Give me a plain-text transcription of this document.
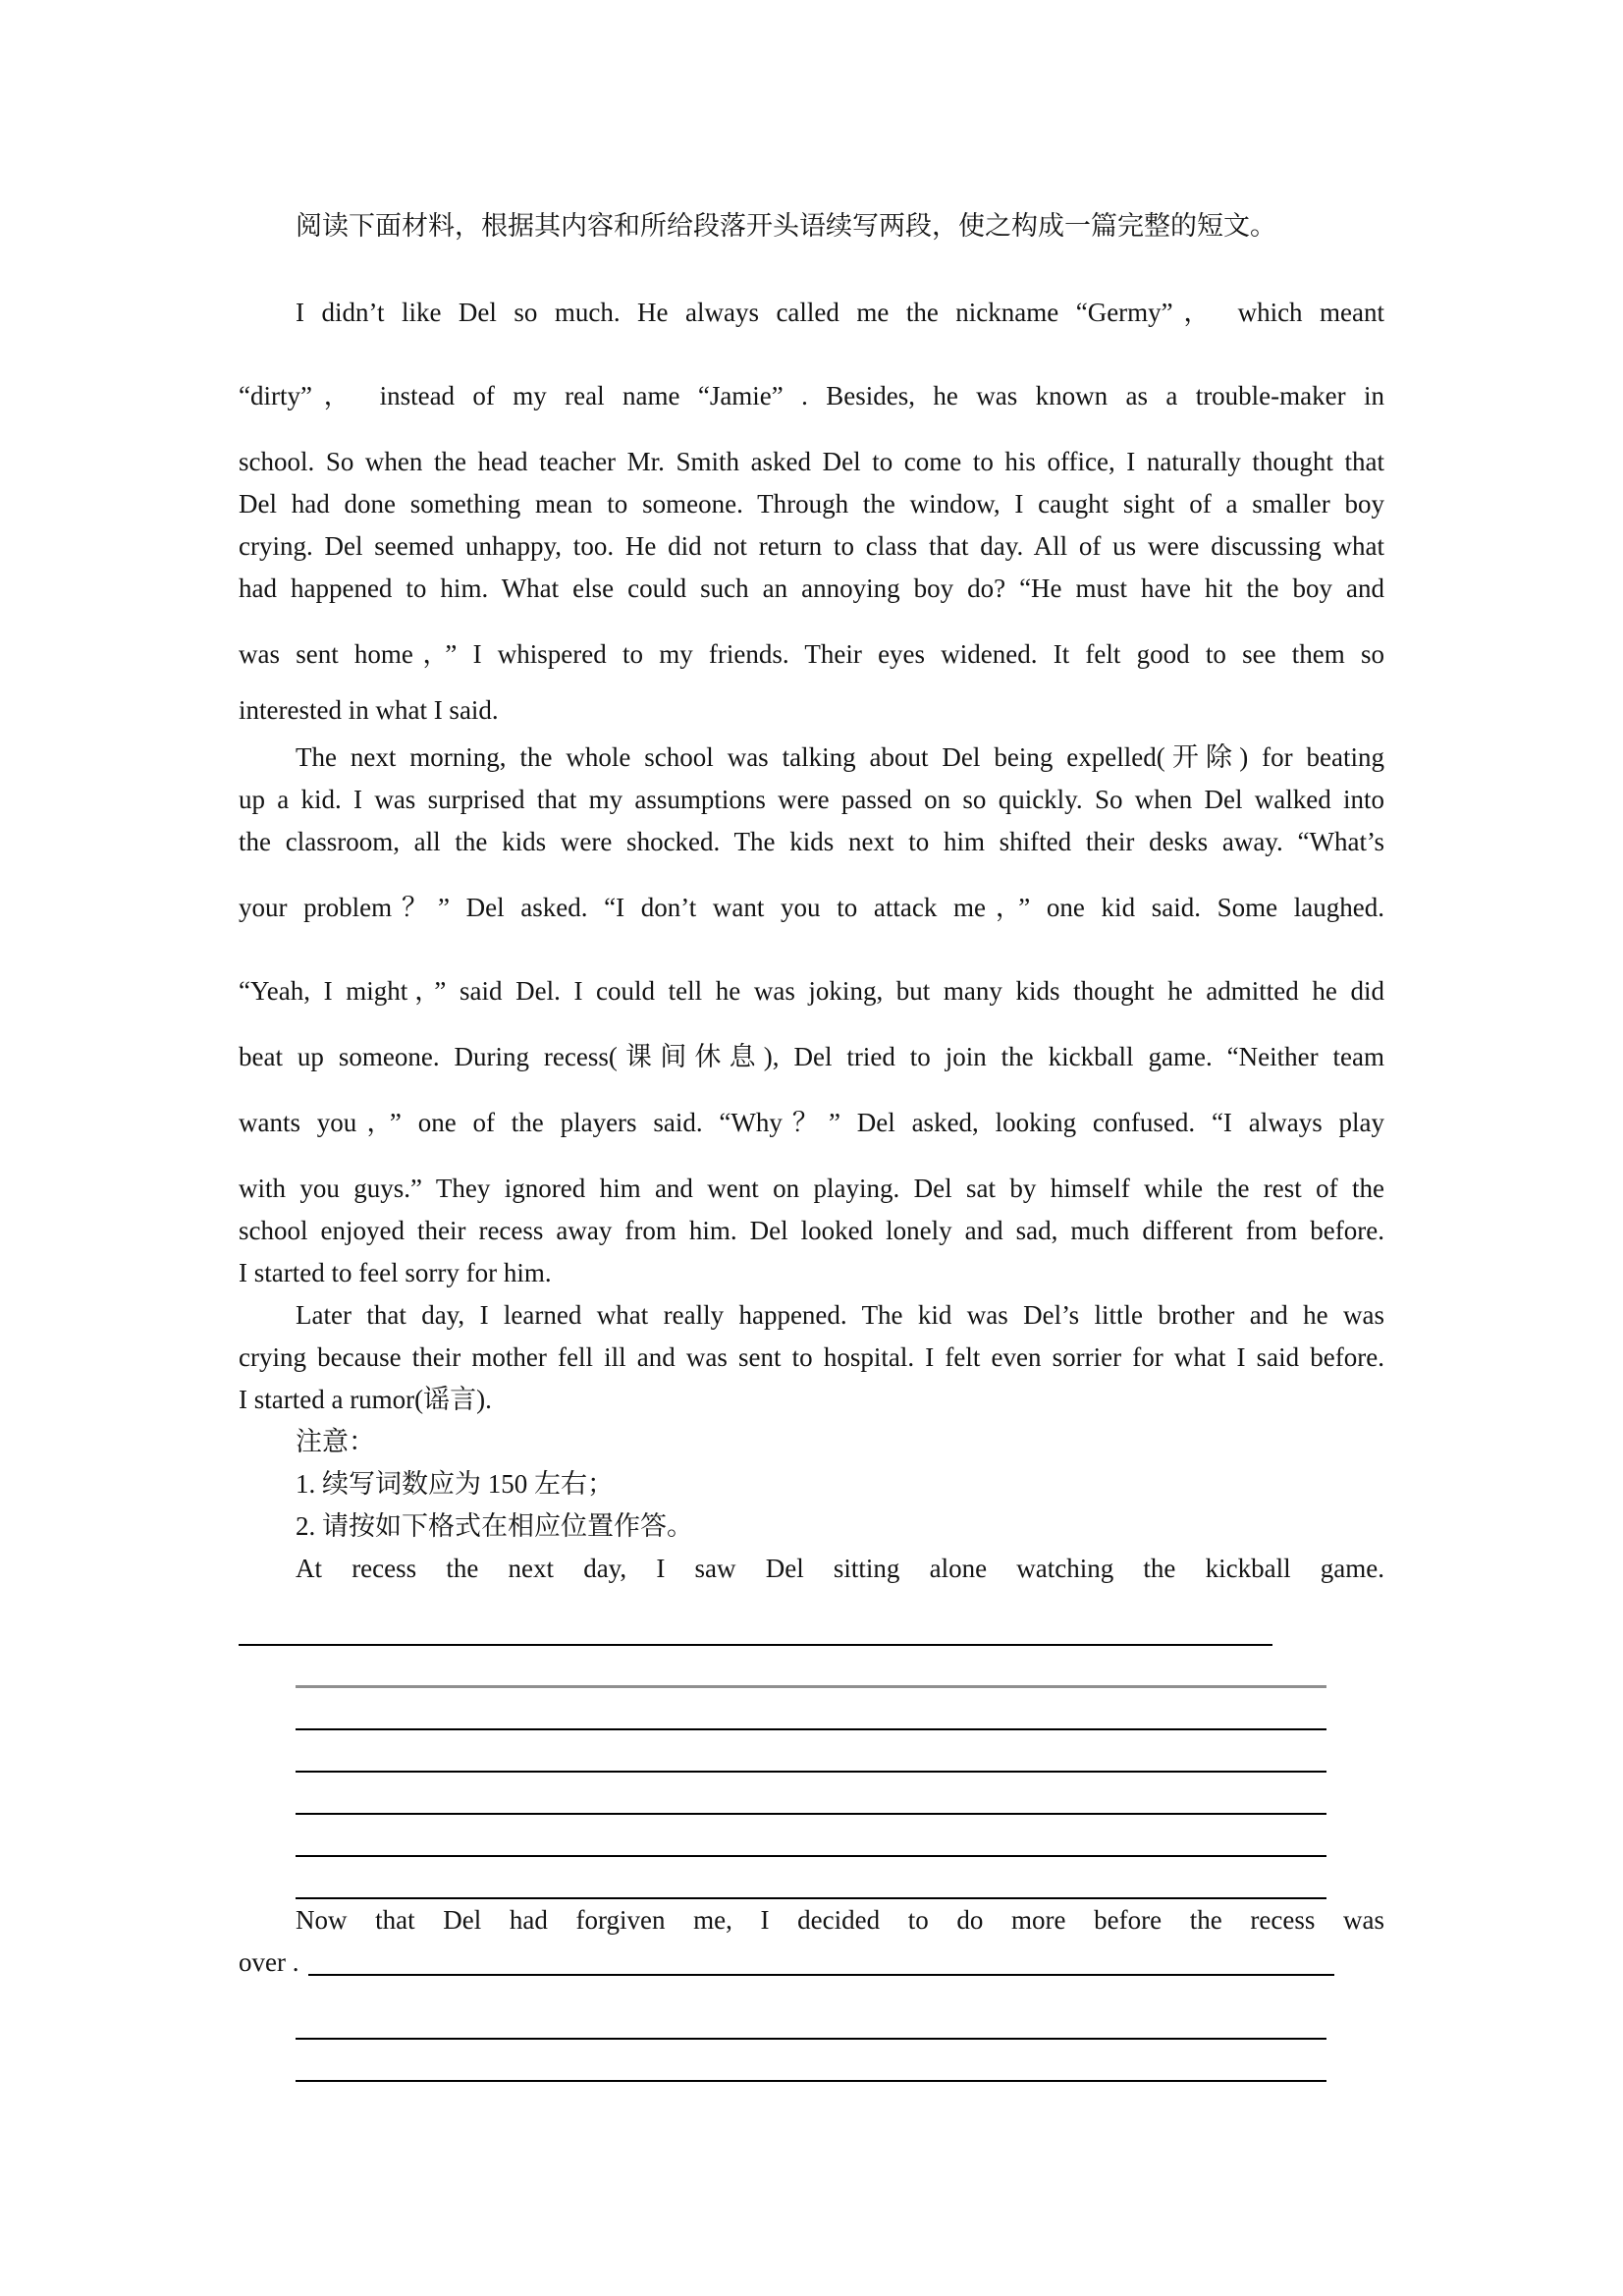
阅读下面材料，根据其内容和所给段落开头语续写两段，使之构成一篇完整的短文。
I didn’t like Del so much. He always called me the nickname “Germy”， which meant
“dirty”， instead of my real name “Jamie” . Besides, he was known as a trouble-maker in
school. So when the head teacher Mr. Smith asked Del to come to his office, I naturally thought that
Del had done something mean to someone. Through the window, I caught sight of a smaller boy
crying. Del seemed unhappy, too. He did not return to class that day. All of us were discussing what
had happened to him. What else could such an annoying boy do? “He must have hit the boy and
was sent home，” I whispered to my friends. Their eyes widened. It felt good to see them so
interested in what I said.
The next morning, the whole school was talking about Del being expelled(开除) for beating
up a kid. I was surprised that my assumptions were passed on so quickly. So when Del walked into
the classroom, all the kids were shocked. The kids next to him shifted their desks away. “What’s
your problem？” Del asked. “I don’t want you to attack me，” one kid said. Some laughed.
“Yeah, I might，” said Del. I could tell he was joking, but many kids thought he admitted he did
beat up someone. During recess(课间休息), Del tried to join the kickball game. “Neither team
wants you，” one of the players said. “Why？” Del asked, looking confused. “I always play
with you guys.” They ignored him and went on playing. Del sat by himself while the rest of the
school enjoyed their recess away from him. Del looked lonely and sad, much different from before.
I started to feel sorry for him.
Later that day, I learned what really happened. The kid was Del’s little brother and he was
crying because their mother fell ill and was sent to hospital. I felt even sorrier for what I said before.
I started a rumor(谣言).
注意：
1. 续写词数应为 150 左右；
2. 请按如下格式在相应位置作答。
At recess the next day, I saw Del sitting alone watching the kickball game.
Now that Del had forgiven me, I decided to do more before the recess was
over .
